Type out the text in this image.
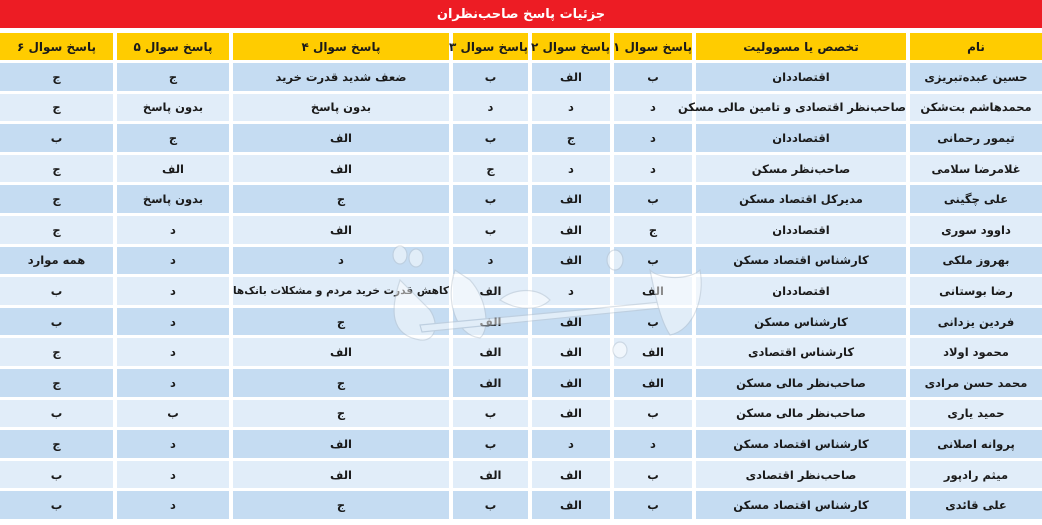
جزئیات پاسخ صاحب‌نظران
نام	تخصص یا مسوولیت	پاسخ سوال ۱	پاسخ سوال ۲	پاسخ سوال ۳	پاسخ سوال ۴	پاسخ سوال ۵	پاسخ سوال ۶
حسین عبده‌تبریزی	اقتصاددان	ب	الف	ب	ضعف شدید قدرت خرید	ج	ج
محمدهاشم بت‌شکن	صاحب‌نظر اقتصادی و تامین مالی مسکن	د	د	د	بدون پاسخ	بدون پاسخ	ج
تیمور رحمانی	اقتصاددان	د	ج	ب	الف	ج	ب
غلامرضا سلامی	صاحب‌نظر مسکن	د	د	ج	الف	الف	ج
علی چگینی	مدیرکل اقتصاد مسکن	ب	الف	ب	ج	بدون پاسخ	ج
داوود سوری	اقتصاددان	ج	الف	ب	الف	د	ج
بهروز ملکی	کارشناس اقتصاد مسکن	ب	الف	د	د	د	همه موارد
رضا بوستانی	اقتصاددان	الف	د	الف	کاهش قدرت خرید مردم و مشکلات بانک‌ها	د	ب
فردین یزدانی	کارشناس مسکن	ب	الف	الف	ج	د	ب
محمود اولاد	کارشناس اقتصادی	الف	الف	الف	الف	د	ج
محمد حسن مرادی	صاحب‌نظر مالی مسکن	الف	الف	الف	ج	د	ج
حمید یاری	صاحب‌نظر مالی مسکن	ب	الف	ب	ج	ب	ب
پروانه اصلانی	کارشناس اقتصاد مسکن	د	د	ب	الف	د	ج
میثم رادپور	صاحب‌نظر اقتصادی	ب	الف	الف	الف	د	ب
علی قائدی	کارشناس اقتصاد مسکن	ب	الف	ب	ج	د	ب
